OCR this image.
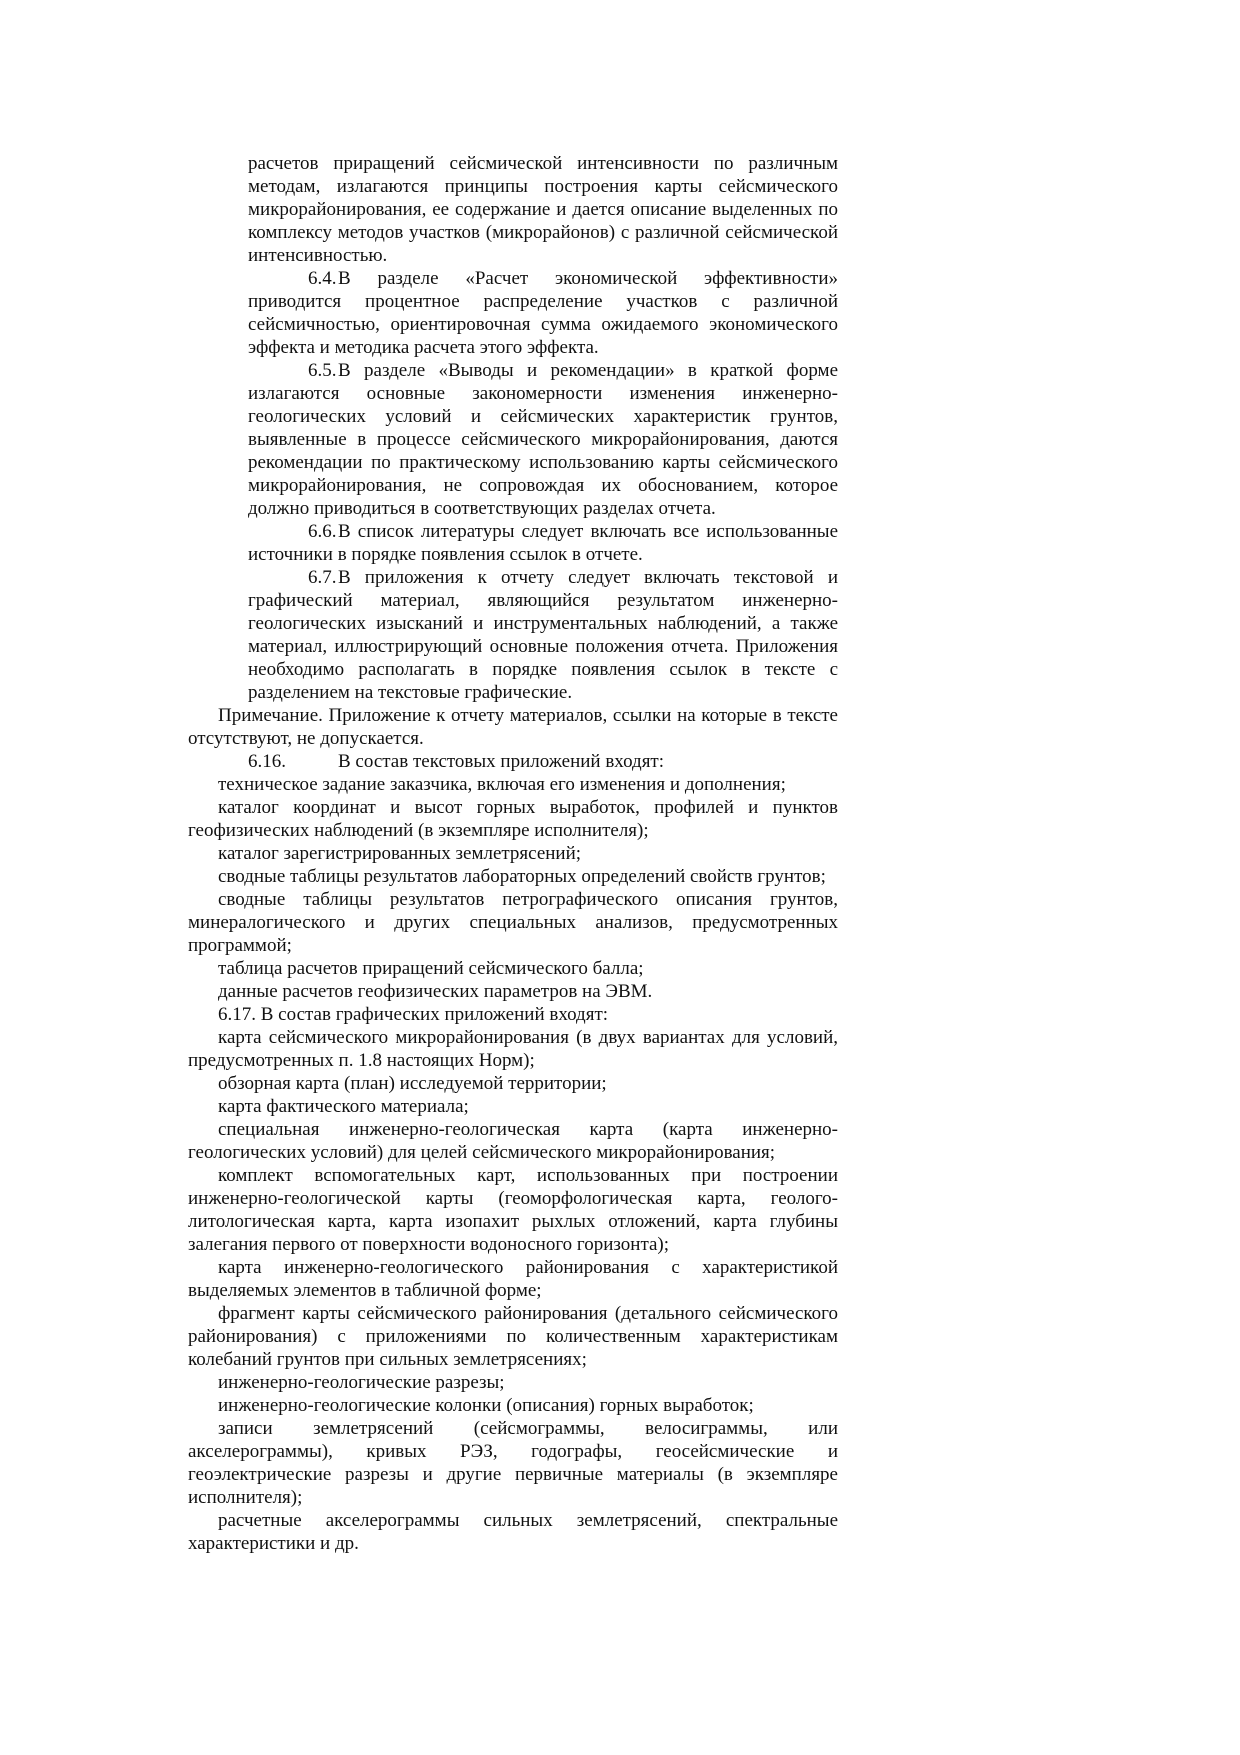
расчетов приращений сейсмической интенсивности по различным методам, излагаются принципы построения карты сейсмического микрорайонирования, ее содержание и дается описание выделенных по комплексу методов участков (микрорайонов) с различной сейсмической интенсивностью.

6.4.В разделе «Расчет экономической эффективности» приводится процентное распределение участков с различной сейсмичностью, ориентировочная сумма ожидаемого экономического эффекта и методика расчета этого эффекта.

6.5.В разделе «Выводы и рекомендации» в краткой форме излагаются основные закономерности изменения инженерно-геологических условий и сейсмических характеристик грунтов, выявленные в процессе сейсмического микрорайонирования, даются рекомендации по практическому использованию карты сейсмического микрорайонирования, не сопровождая их обоснованием, которое должно приводиться в соответствующих разделах отчета.

6.6.В список литературы следует включать все использованные источники в порядке появления ссылок в отчете.

6.7.В приложения к отчету следует включать текстовой и графический материал, являющийся результатом инженерно-геологических изысканий и инструментальных наблюдений, а также материал, иллюстрирующий основные положения отчета. Приложения необходимо располагать в порядке появления ссылок в тексте с разделением на текстовые графические.

Примечание. Приложение к отчету материалов, ссылки на которые в тексте отсутствуют, не допускается.

6.16.	В состав текстовых приложений входят:

техническое задание заказчика, включая его изменения и дополнения;

каталог координат и высот горных выработок, профилей и пунктов геофизических наблюдений (в экземпляре исполнителя);

каталог зарегистрированных землетрясений;

сводные таблицы результатов лабораторных определений свойств грунтов;

сводные таблицы результатов петрографического описания грунтов, минералогического и других специальных анализов, предусмотренных программой;

таблица расчетов приращений сейсмического балла;

данные расчетов геофизических параметров на ЭВМ.

6.17. В состав графических приложений входят:

карта сейсмического микрорайонирования (в двух вариантах для условий, предусмотренных п. 1.8 настоящих Норм);

обзорная карта (план) исследуемой территории;

карта фактического материала;

специальная инженерно-геологическая карта (карта инженерно-геологических условий) для целей сейсмического микрорайонирования;

комплект вспомогательных карт, использованных при построении инженерно-геологической карты (геоморфологическая карта, геолого-литологическая карта, карта изопахит рыхлых отложений, карта глубины залегания первого от поверхности водоносного горизонта);

карта инженерно-геологического районирования с характеристикой выделяемых элементов в табличной форме;

фрагмент карты сейсмического районирования (детального сейсмического районирования) с приложениями по количественным характеристикам колебаний грунтов при сильных землетрясениях;

инженерно-геологические разрезы;

инженерно-геологические колонки (описания) горных выработок;

записи землетрясений (сейсмограммы, велосиграммы, или акселерограммы), кривых РЭЗ, годографы, геосейсмические и геоэлектрические разрезы и другие первичные материалы (в экземпляре исполнителя);

расчетные акселерограммы сильных землетрясений, спектральные характеристики и др.
